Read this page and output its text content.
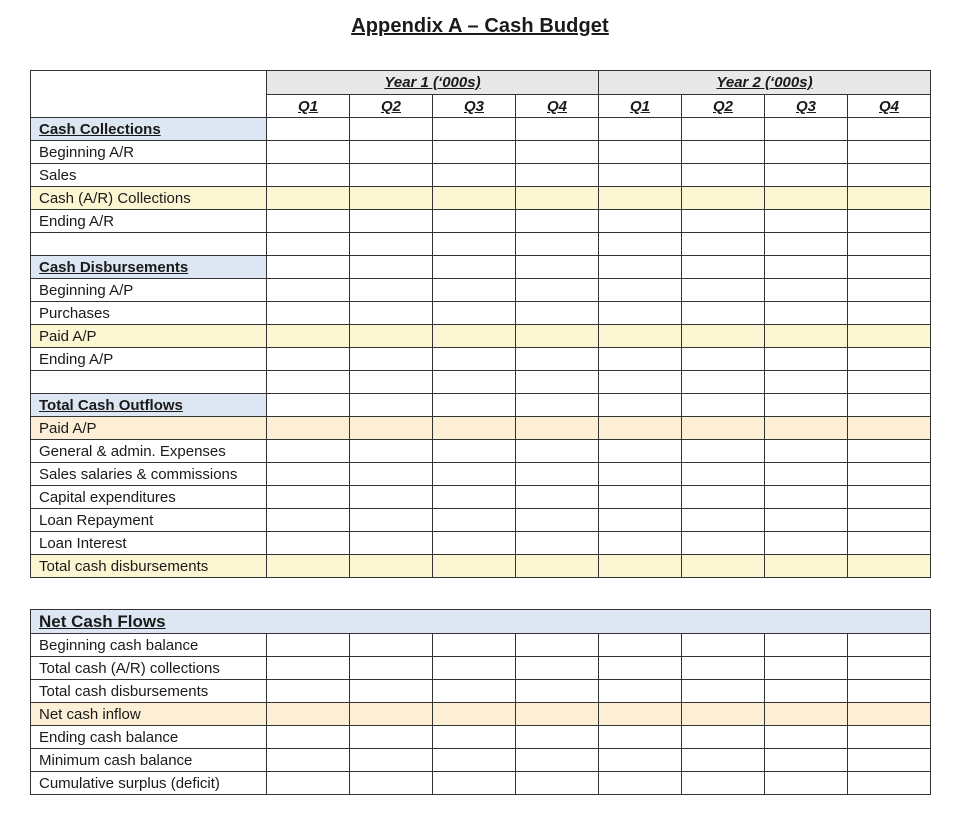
Appendix A – Cash Budget
	Year 1 (‘000s)				Year 2 (‘000s)			
	Q1	Q2	Q3	Q4	Q1	Q2	Q3	Q4
Cash Collections								
Beginning A/R								
Sales								
Cash (A/R) Collections								
Ending A/R								

Cash Disbursements								
Beginning A/P								
Purchases								
Paid A/P								
Ending A/P								

Total Cash Outflows								
Paid A/P								
General & admin. Expenses								
Sales salaries & commissions								
Capital expenditures								
Loan Repayment								
Loan Interest								
Total cash disbursements								
Net Cash Flows								
Beginning cash balance								
Total cash (A/R) collections								
Total cash disbursements								
Net cash inflow								
Ending cash balance								
Minimum cash balance								
Cumulative surplus (deficit)								
